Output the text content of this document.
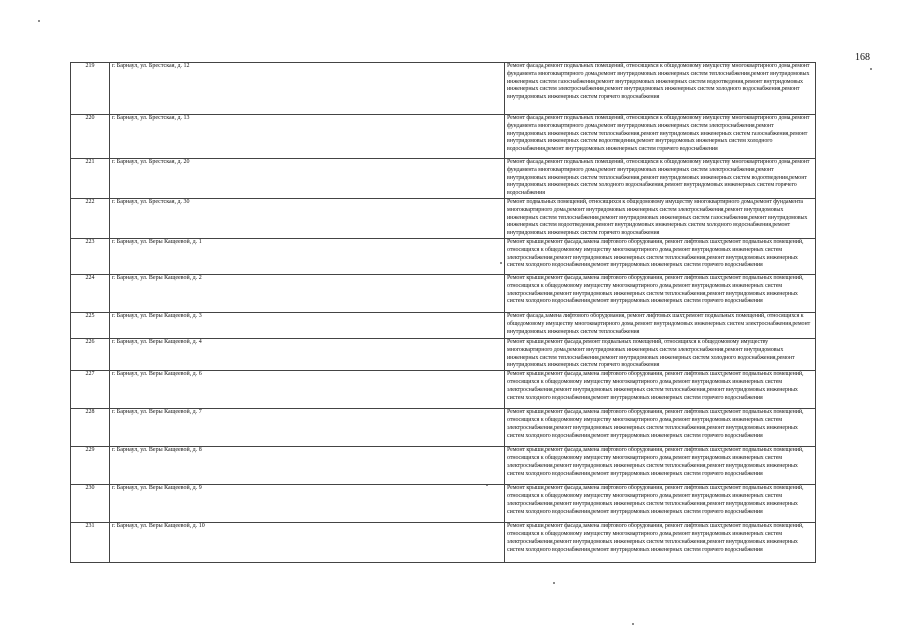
168
219	г. Барнаул, ул. Брестская, д. 12	Ремонт фасада,ремонт подвальных помещений, относящихся к общедомовому имуществу многоквартирного дома,ремонт фундамента многоквартирного дома,ремонт внутридомовых инженерных систем теплоснабжения,ремонт внутридомовых инженерных систем газоснабжения,ремонт внутридомовых инженерных систем водоотведения,ремонт внутридомовых инженерных систем электроснабжения,ремонт внутридомовых инженерных систем холодного водоснабжения,ремонт внутридомовых инженерных систем горячего водоснабжения
220	г. Барнаул, ул. Брестская, д. 13	Ремонт фасада,ремонт подвальных помещений, относящихся к общедомовому имуществу многоквартирного дома,ремонт фундамента многоквартирного дома,ремонт внутридомовых инженерных систем электроснабжения,ремонт внутридомовых инженерных систем теплоснабжения,ремонт внутридомовых инженерных систем газоснабжения,ремонт внутридомовых инженерных систем водоотведения,ремонт внутридомовых инженерных систем холодного водоснабжения,ремонт внутридомовых инженерных систем горячего водоснабжения
221	г. Барнаул, ул. Брестская, д. 20	Ремонт фасада,ремонт подвальных помещений, относящихся к общедомовому имуществу многоквартирного дома,ремонт фундамента многоквартирного дома,ремонт внутридомовых инженерных систем электроснабжения,ремонт внутридомовых инженерных систем теплоснабжения,ремонт внутридомовых инженерных систем водоотведения,ремонт внутридомовых инженерных систем холодного водоснабжения,ремонт внутридомовых инженерных систем горячего водоснабжения
222	г. Барнаул, ул. Брестская, д. 30	Ремонт подвальных помещений, относящихся к общедомовому имуществу многоквартирного дома,ремонт фундамента многоквартирного дома,ремонт внутридомовых инженерных систем электроснабжения,ремонт внутридомовых инженерных систем теплоснабжения,ремонт внутридомовых инженерных систем газоснабжения,ремонт внутридомовых инженерных систем водоотведения,ремонт внутридомовых инженерных систем холодного водоснабжения,ремонт внутридомовых инженерных систем горячего водоснабжения
223	г. Барнаул, ул. Веры Кащеевой, д. 1	Ремонт крыши,ремонт фасада,замена лифтового оборудования, ремонт лифтовых шахт,ремонт подвальных помещений, относящихся к общедомовому имуществу многоквартирного дома,ремонт внутридомовых инженерных систем электроснабжения,ремонт внутридомовых инженерных систем теплоснабжения,ремонт внутридомовых инженерных систем холодного водоснабжения,ремонт внутридомовых инженерных систем горячего водоснабжения
224	г. Барнаул, ул. Веры Кащеевой, д. 2	Ремонт крыши,ремонт фасада,замена лифтового оборудования, ремонт лифтовых шахт,ремонт подвальных помещений, относящихся к общедомовому имуществу многоквартирного дома,ремонт внутридомовых инженерных систем электроснабжения,ремонт внутридомовых инженерных систем теплоснабжения,ремонт внутридомовых инженерных систем холодного водоснабжения,ремонт внутридомовых инженерных систем горячего водоснабжения
225	г. Барнаул, ул. Веры Кащеевой, д. 3	Ремонт фасада,замена лифтового оборудования, ремонт лифтовых шахт,ремонт подвальных помещений, относящихся к общедомовому имуществу многоквартирного дома,ремонт внутридомовых инженерных систем электроснабжения,ремонт внутридомовых инженерных систем теплоснабжения
226	г. Барнаул, ул. Веры Кащеевой, д. 4	Ремонт крыши,ремонт фасада,ремонт подвальных помещений, относящихся к общедомовому имуществу многоквартирного дома,ремонт внутридомовых инженерных систем электроснабжения,ремонт внутридомовых инженерных систем теплоснабжения,ремонт внутридомовых инженерных систем холодного водоснабжения,ремонт внутридомовых инженерных систем горячего водоснабжения
227	г. Барнаул, ул. Веры Кащеевой, д. 6	Ремонт крыши,ремонт фасада,замена лифтового оборудования, ремонт лифтовых шахт,ремонт подвальных помещений, относящихся к общедомовому имуществу многоквартирного дома,ремонт внутридомовых инженерных систем электроснабжения,ремонт внутридомовых инженерных систем теплоснабжения,ремонт внутридомовых инженерных систем холодного водоснабжения,ремонт внутридомовых инженерных систем горячего водоснабжения
228	г. Барнаул, ул. Веры Кащеевой, д. 7	Ремонт крыши,ремонт фасада,замена лифтового оборудования, ремонт лифтовых шахт,ремонт подвальных помещений, относящихся к общедомовому имуществу многоквартирного дома,ремонт внутридомовых инженерных систем электроснабжения,ремонт внутридомовых инженерных систем теплоснабжения,ремонт внутридомовых инженерных систем холодного водоснабжения,ремонт внутридомовых инженерных систем горячего водоснабжения
229	г. Барнаул, ул. Веры Кащеевой, д. 8	Ремонт крыши,ремонт фасада,замена лифтового оборудования, ремонт лифтовых шахт,ремонт подвальных помещений, относящихся к общедомовому имуществу многоквартирного дома,ремонт внутридомовых инженерных систем электроснабжения,ремонт внутридомовых инженерных систем теплоснабжения,ремонт внутридомовых инженерных систем холодного водоснабжения,ремонт внутридомовых инженерных систем горячего водоснабжения
230	г. Барнаул, ул. Веры Кащеевой, д. 9	Ремонт крыши,ремонт фасада,замена лифтового оборудования, ремонт лифтовых шахт,ремонт подвальных помещений, относящихся к общедомовому имуществу многоквартирного дома,ремонт внутридомовых инженерных систем электроснабжения,ремонт внутридомовых инженерных систем теплоснабжения,ремонт внутридомовых инженерных систем холодного водоснабжения,ремонт внутридомовых инженерных систем горячего водоснабжения
231	г. Барнаул, ул. Веры Кащеевой, д. 10	Ремонт крыши,ремонт фасада,замена лифтового оборудования, ремонт лифтовых шахт,ремонт подвальных помещений, относящихся к общедомовому имуществу многоквартирного дома,ремонт внутридомовых инженерных систем электроснабжения,ремонт внутридомовых инженерных систем теплоснабжения,ремонт внутридомовых инженерных систем холодного водоснабжения,ремонт внутридомовых инженерных систем горячего водоснабжения
